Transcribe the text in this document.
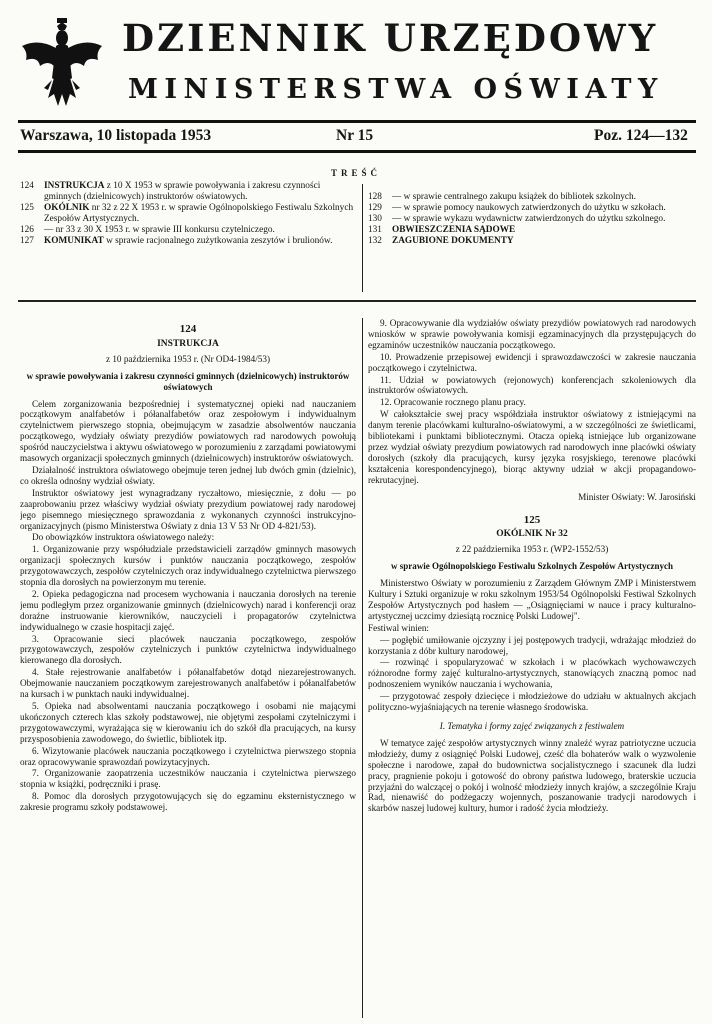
DZIENNIK URZĘDOWY
MINISTERSTWA OŚWIATY
Warszawa, 10 listopada 1953	Nr 15	Poz. 124—132
TREŚĆ
124	INSTRUKCJA z 10 X 1953 w sprawie powoływania i zakresu czynności gminnych (dzielnicowych) instruktorów oświatowych.
125	OKÓLNIK nr 32 z 22 X 1953 r. w sprawie Ogólnopolskiego Festiwalu Szkolnych Zespołów Artystycznych.
126	— nr 33 z 30 X 1953 r. w sprawie III konkursu czytelniczego.
127	KOMUNIKAT w sprawie racjonalnego zużytkowania zeszytów i brulionów.
128	— w sprawie centralnego zakupu książek do bibliotek szkolnych.
129	— w sprawie pomocy naukowych zatwierdzonych do użytku w szkołach.
130	— w sprawie wykazu wydawnictw zatwierdzonych do użytku szkolnego.
131	OBWIESZCZENIA SĄDOWE
132	ZAGUBIONE DOKUMENTY
124
INSTRUKCJA
z 10 października 1953 r. (Nr OD4-1984/53)
w sprawie powoływania i zakresu czynności gminnych (dzielnicowych) instruktorów oświatowych

Celem zorganizowania bezpośredniej i systematycznej opieki nad nauczaniem początkowym analfabetów i półanalfabetów oraz zespołowym i indywidualnym czytelnictwem pierwszego stopnia, obejmującym w zasadzie absolwentów nauczania początkowego, wydziały oświaty prezydiów powiatowych rad narodowych powołują spośród nauczycielstwa i aktywu oświatowego w porozumieniu z zarządami powiatowymi masowych organizacji społecznych gminnych (dzielnicowych) instruktorów oświatowych.

Działalność instruktora oświatowego obejmuje teren jednej lub dwóch gmin (dzielnic), co określa odnośny wydział oświaty.

Instruktor oświatowy jest wynagradzany ryczałtowo, miesięcznie, z dołu — po zaaprobowaniu przez właściwy wydział oświaty prezydium powiatowej rady narodowej jego pisemnego miesięcznego sprawozdania z wykonanych czynności instrukcyjno-organizacyjnych (pismo Ministerstwa Oświaty z dnia 13 V 53 Nr OD 4-821/53).

Do obowiązków instruktora oświatowego należy:

1. Organizowanie przy współudziale przedstawicieli zarządów gminnych masowych organizacji społecznych kursów i punktów nauczania początkowego, zespołów przygotowawczych, zespołów czytelniczych oraz indywidualnego czytelnictwa pierwszego stopnia dla dorosłych na powierzonym mu terenie.

2. Opieka pedagogiczna nad procesem wychowania i nauczania dorosłych na terenie jemu podległym przez organizowanie gminnych (dzielnicowych) narad i konferencji oraz doraźne instruowanie kierowników, nauczycieli i propagatorów czytelnictwa indywidualnego w czasie hospitacji zajęć.

3. Opracowanie sieci placówek nauczania początkowego, zespołów przygotowawczych, zespołów czytelniczych i punktów czytelnictwa indywidualnego kierowanego dla dorosłych.

4. Stałe rejestrowanie analfabetów i półanalfabetów dotąd niezarejestrowanych. Obejmowanie nauczaniem początkowym zarejestrowanych analfabetów i półanalfabetów na kursach i w punktach nauki indywidualnej.

5. Opieka nad absolwentami nauczania początkowego i osobami nie mającymi ukończonych czterech klas szkoły podstawowej, nie objętymi zespołami czytelniczymi i przygotowawczymi, wyrażająca się w kierowaniu ich do szkół dla pracujących, na kursy przysposobienia zawodowego, do świetlic, bibliotek itp.

6. Wizytowanie placówek nauczania początkowego i czytelnictwa pierwszego stopnia oraz opracowywanie sprawozdań powizytacyjnych.

7. Organizowanie zaopatrzenia uczestników nauczania i czytelnictwa pierwszego stopnia w książki, podręczniki i prasę.

8. Pomoc dla dorosłych przygotowujących się do egzaminu eksternistycznego w zakresie programu szkoły podstawowej.

9. Opracowywanie dla wydziałów oświaty prezydiów powiatowych rad narodowych wniosków w sprawie powoływania komisji egzaminacyjnych dla przystępujących do egzaminów uczestników nauczania początkowego.

10. Prowadzenie przepisowej ewidencji i sprawozdawczości w zakresie nauczania początkowego i czytelnictwa.

11. Udział w powiatowych (rejonowych) konferencjach szkoleniowych dla instruktorów oświatowych.

12. Opracowanie rocznego planu pracy.

W całokształcie swej pracy współdziała instruktor oświatowy z istniejącymi na danym terenie placówkami kulturalno-oświatowymi, a w szczególności ze świetlicami, bibliotekami i punktami bibliotecznymi. Otacza opieką istniejące lub organizowane przez wydział oświaty prezydium powiatowych rad narodowych inne placówki oświaty dorosłych (szkoły dla pracujących, kursy języka rosyjskiego, terenowe placówki kształcenia korespondencyjnego), biorąc aktywny udział w akcji propagandowo-rekrutacyjnej.

Minister Oświaty: W. Jarosiński
125
OKÓLNIK Nr 32
z 22 października 1953 r. (WP2-1552/53)
w sprawie Ogólnopolskiego Festiwalu Szkolnych Zespołów Artystycznych

Ministerstwo Oświaty w porozumieniu z Zarządem Głównym ZMP i Ministerstwem Kultury i Sztuki organizuje w roku szkolnym 1953/54 Ogólnopolski Festiwal Szkolnych Zespołów Artystycznych pod hasłem — „Osiągnięciami w nauce i pracy kulturalno-artystycznej uczcimy dziesiątą rocznicę Polski Ludowej".

Festiwal winien:

— pogłębić umiłowanie ojczyzny i jej postępowych tradycji, wdrażając młodzież do korzystania z dóbr kultury narodowej,

— rozwinąć i spopularyzować w szkołach i w placówkach wychowawczych różnorodne formy zajęć kulturalno-artystycznych, stanowiących znaczną pomoc nad podnoszeniem wyników nauczania i wychowania,

— przygotować zespoły dziecięce i młodzieżowe do udziału w aktualnych akcjach polityczno-wyjaśniających na terenie własnego środowiska.

I. Tematyka i formy zajęć związanych z festiwalem

W tematyce zajęć zespołów artystycznych winny znaleźć wyraz patriotyczne uczucia młodzieży, dumy z osiągnięć Polski Ludowej, cześć dla bohaterów walk o wyzwolenie społeczne i narodowe, zapał do budownictwa socjalistycznego i szacunek dla ludzi pracy, pragnienie pokoju i gotowość do obrony państwa ludowego, braterskie uczucia przyjaźni do walczącej o pokój i wolność młodzieży innych krajów, a szczególnie Kraju Rad, nienawiść do podżegaczy wojennych, poszanowanie tradycji narodowych i skarbów naszej ludowej kultury, humor i radość życia młodzieży.
